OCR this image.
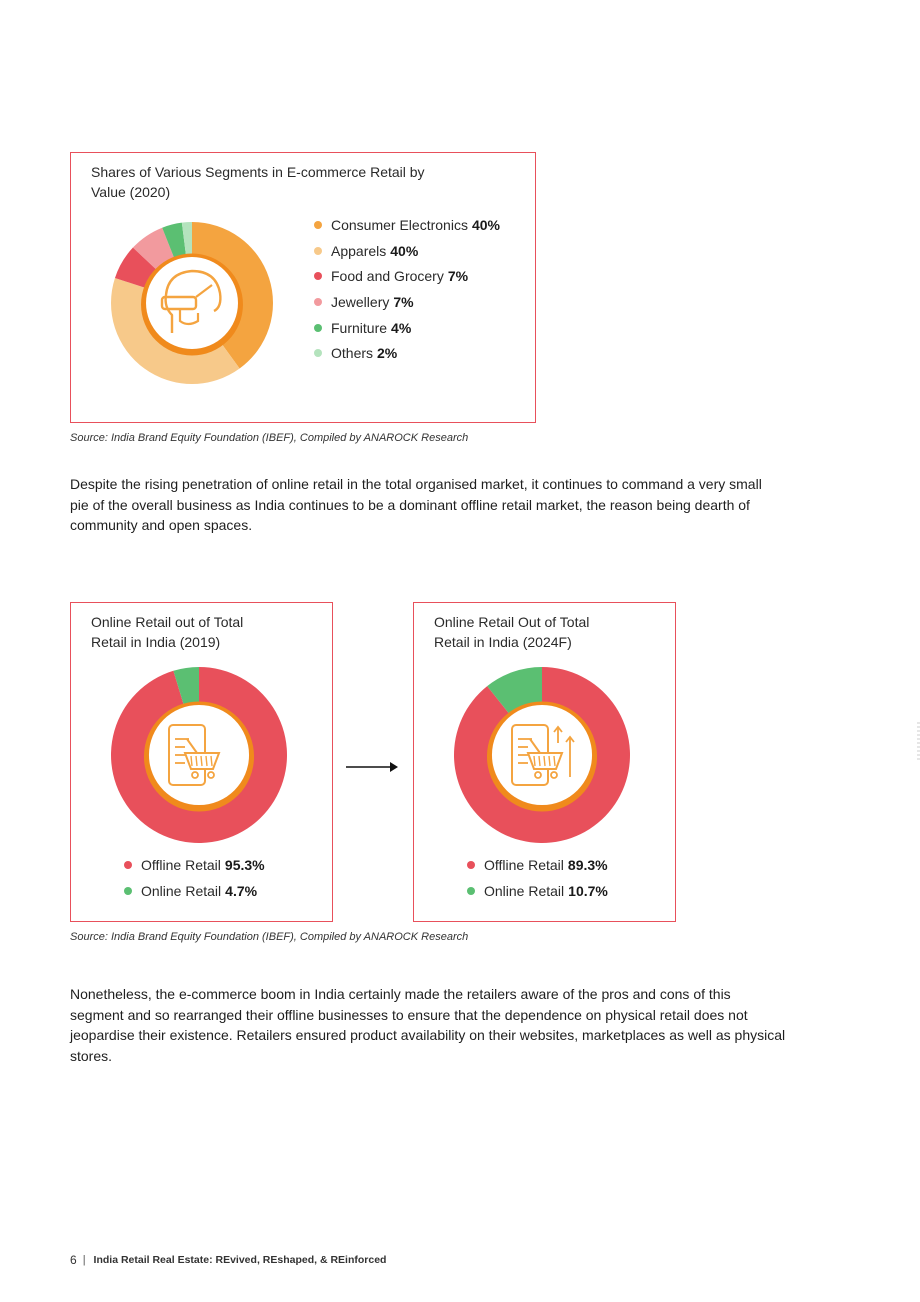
Shares of Various Segments in E-commerce Retail by
Value (2020)
Consumer Electronics 40%
Apparels 40%
Food and Grocery 7%
Jewellery 7%
Furniture 4%
Others 2%
Source: India Brand Equity Foundation (IBEF), Compiled by ANAROCK Research
Despite the rising penetration of online retail in the total organised market, it continues to command a very small
pie of the overall business as India continues to be a dominant offline retail market, the reason being dearth of
community and open spaces.
Online Retail out of Total
Retail in India (2019)
Offline Retail 95.3%
Online Retail 4.7%
Online Retail Out of Total
Retail in India (2024F)
Offline Retail 89.3%
Online Retail 10.7%
Source: India Brand Equity Foundation (IBEF), Compiled by ANAROCK Research
Nonetheless, the e-commerce boom in India certainly made the retailers aware of the pros and cons of this
segment and so rearranged their offline businesses to ensure that the dependence on physical retail does not
jeopardise their existence. Retailers ensured product availability on their websites, marketplaces as well as physical
stores.
6 | India Retail Real Estate: REvived, REshaped, & REinforced
